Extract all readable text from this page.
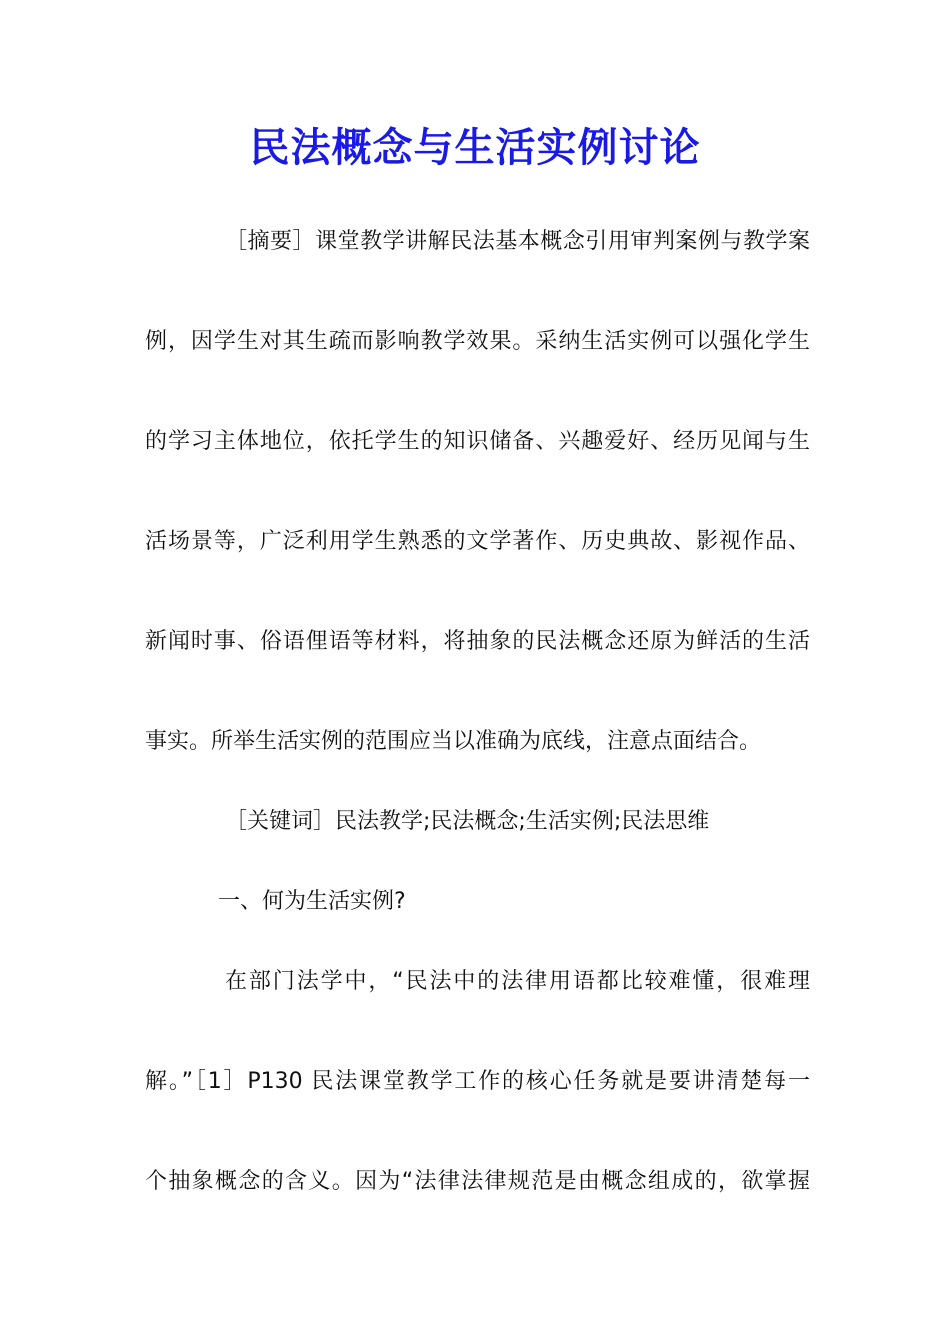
民法概念与生活实例讨论

［摘要］课堂教学讲解民法基本概念引用审判案例与教学案

例，因学生对其生疏而影响教学效果。采纳生活实例可以强化学生

的学习主体地位，依托学生的知识储备、兴趣爱好、经历见闻与生

活场景等，广泛利用学生熟悉的文学著作、历史典故、影视作品、

新闻时事、俗语俚语等材料，将抽象的民法概念还原为鲜活的生活

事实。所举生活实例的范围应当以准确为底线，注意点面结合。

［关键词］民法教学;民法概念;生活实例;民法思维

一、何为生活实例?

在部门法学中，“民法中的法律用语都比较难懂，很难理

解。”［1］P130 民法课堂教学工作的核心任务就是要讲清楚每一

个抽象概念的含义。因为“法律法律规范是由概念组成的，欲掌握
